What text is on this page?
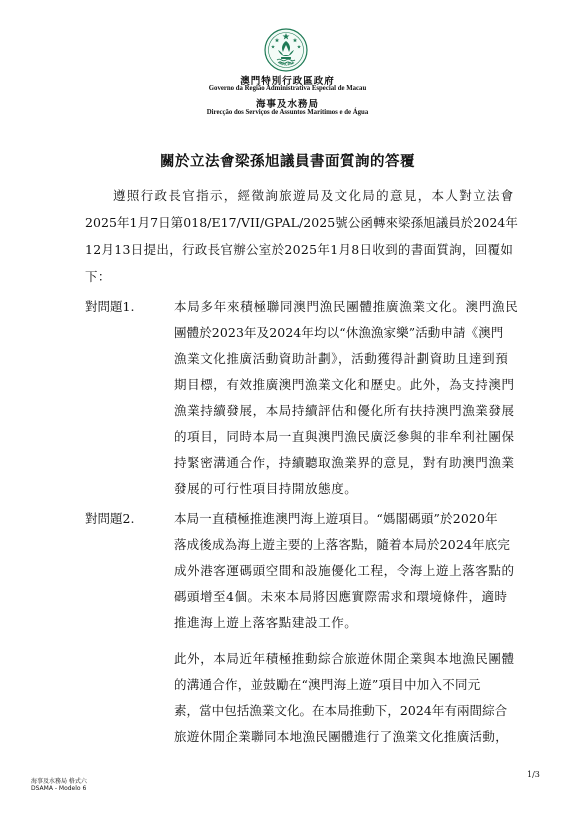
MACAU
澳門特別行政區政府
Governo da Região Administrativa Especial de Macau
海事及水務局
Direcção dos Serviços de Assuntos Marítimos e de Água
關於立法會梁孫旭議員書面質詢的答覆
遵照行政長官指示，經徵詢旅遊局及文化局的意見，本人對立法會
2025年1月7日第018/E17/VII/GPAL/2025號公函轉來梁孫旭議員於2024年
12月13日提出，行政長官辦公室於2025年1月8日收到的書面質詢，回覆如
下：
對問題1.	本局多年來積極聯同澳門漁民團體推廣漁業文化。澳門漁民
團體於2023年及2024年均以“休漁漁家樂”活動申請《澳門
漁業文化推廣活動資助計劃》，活動獲得計劃資助且達到預
期目標，有效推廣澳門漁業文化和歷史。此外，為支持澳門
漁業持續發展，本局持續評估和優化所有扶持澳門漁業發展
的項目，同時本局一直與澳門漁民廣泛參與的非牟利社團保
持緊密溝通合作，持續聽取漁業界的意見，對有助澳門漁業
發展的可行性項目持開放態度。
對問題2.	本局一直積極推進澳門海上遊項目。“媽閣碼頭”於2020年
落成後成為海上遊主要的上落客點，隨着本局於2024年底完
成外港客運碼頭空間和設施優化工程，令海上遊上落客點的
碼頭增至4個。未來本局將因應實際需求和環境條件，適時
推進海上遊上落客點建設工作。
此外，本局近年積極推動綜合旅遊休閒企業與本地漁民團體
的溝通合作，並鼓勵在“澳門海上遊”項目中加入不同元
素，當中包括漁業文化。在本局推動下，2024年有兩間綜合
旅遊休閒企業聯同本地漁民團體進行了漁業文化推廣活動，
海事及水務局 格式六
DSAMA - Modelo 6
1/3
